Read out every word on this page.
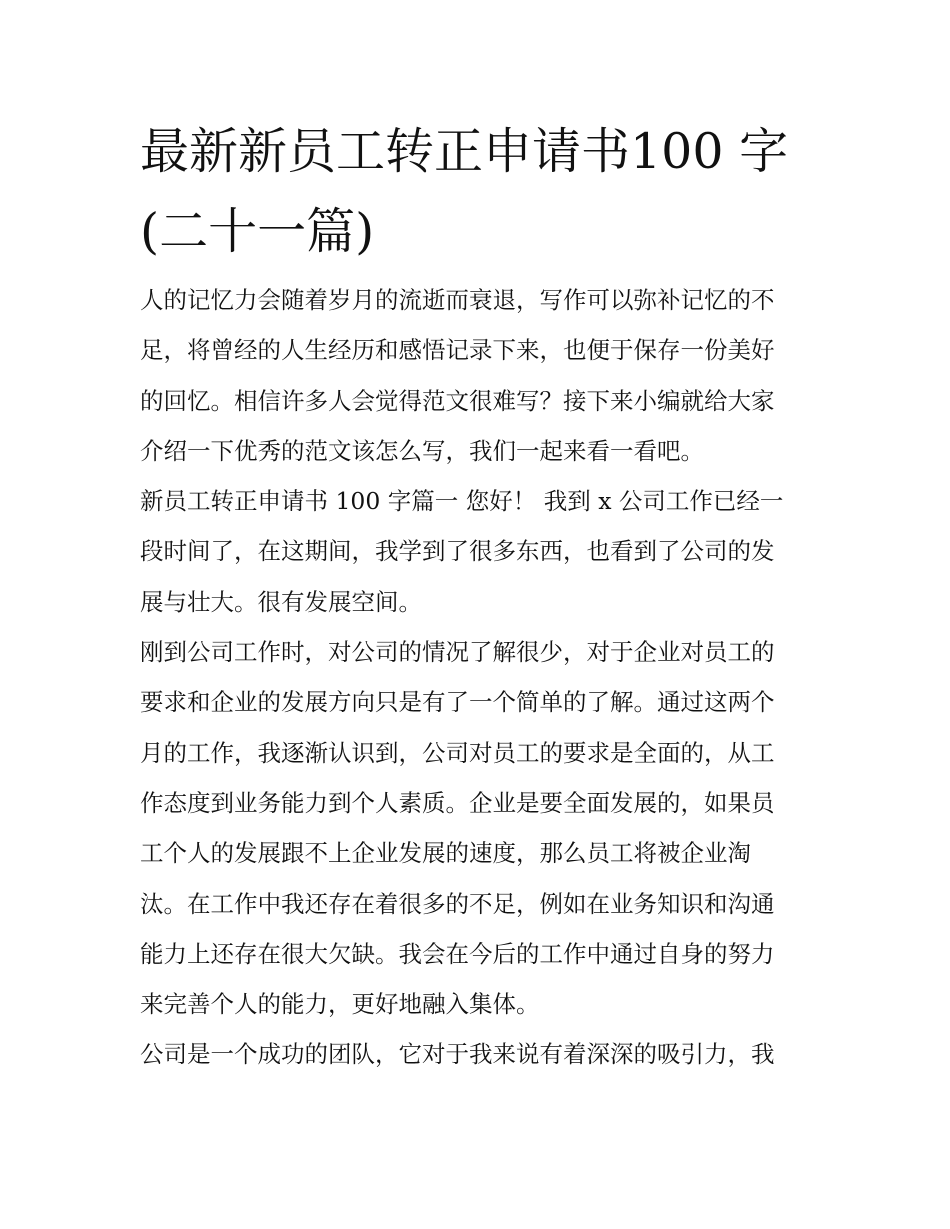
最新新员工转正申请书100 字
(二十一篇)
人的记忆力会随着岁月的流逝而衰退，写作可以弥补记忆的不
足，将曾经的人生经历和感悟记录下来，也便于保存一份美好
的回忆。相信许多人会觉得范文很难写？接下来小编就给大家
介绍一下优秀的范文该怎么写，我们一起来看一看吧。
新员工转正申请书 100 字篇一 您好！ 我到 x 公司工作已经一
段时间了，在这期间，我学到了很多东西，也看到了公司的发
展与壮大。很有发展空间。
刚到公司工作时，对公司的情况了解很少，对于企业对员工的
要求和企业的发展方向只是有了一个简单的了解。通过这两个
月的工作，我逐渐认识到，公司对员工的要求是全面的，从工
作态度到业务能力到个人素质。企业是要全面发展的，如果员
工个人的发展跟不上企业发展的速度，那么员工将被企业淘
汰。在工作中我还存在着很多的不足，例如在业务知识和沟通
能力上还存在很大欠缺。我会在今后的工作中通过自身的努力
来完善个人的能力，更好地融入集体。
公司是一个成功的团队，它对于我来说有着深深的吸引力，我
